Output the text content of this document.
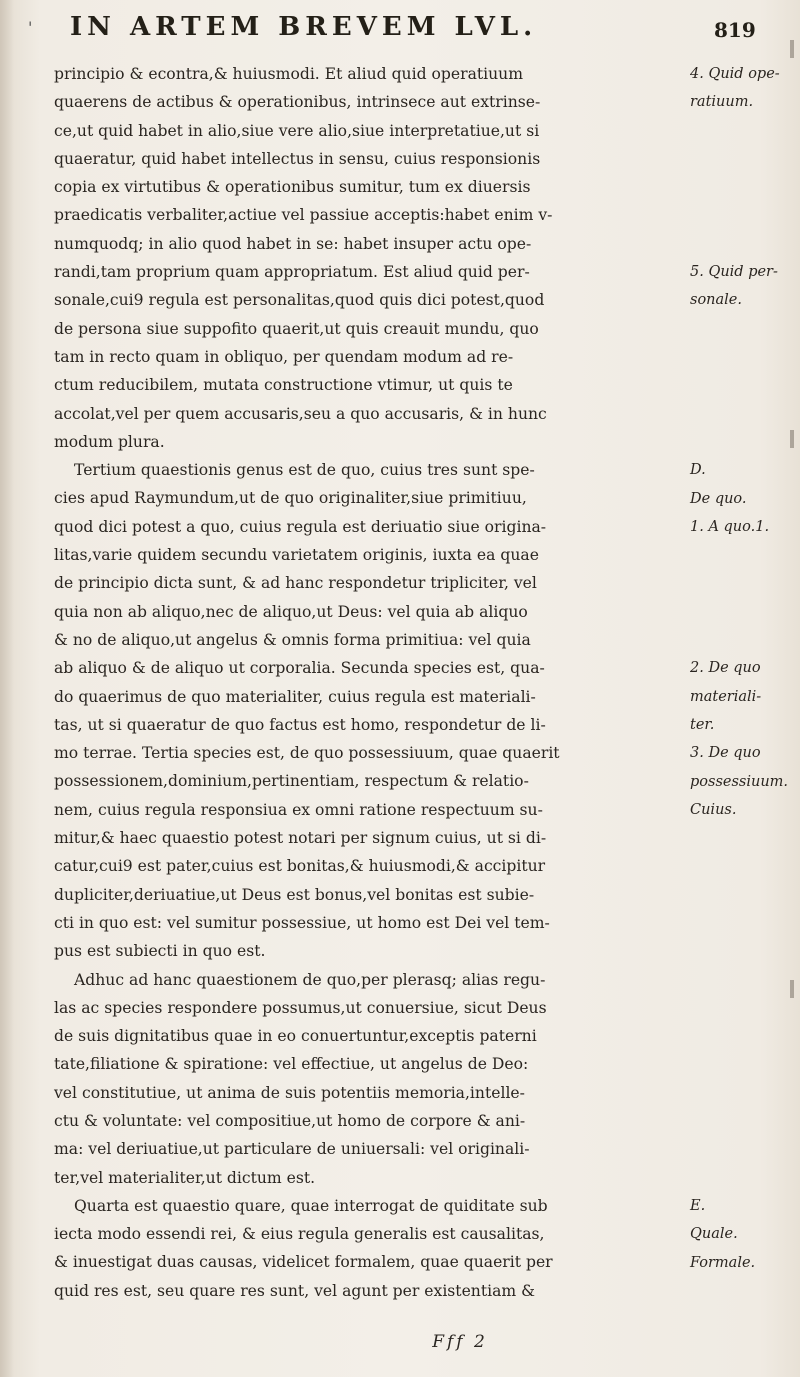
' IN ARTEM BREVEM LVL.	819
principio & econtra,& huiusmodi. Et aliud quid operatiuum
quaerens de actibus & operationibus, intrinsece aut extrinse-
ce,ut quid habet in alio,siue vere alio,siue interpretatiue,ut si
quaeratur, quid habet intellectus in sensu, cuius responsionis
copia ex virtutibus & operationibus sumitur, tum ex diuersis
praedicatis verbaliter,actiue vel passiue acceptis:habet enim v-
numquodq; in alio quod habet in se: habet insuper actu ope-
randi,tam proprium quam appropriatum. Est aliud quid per-
sonale,cui9 regula est personalitas,quod quis dici potest,quod
de persona siue suppofito quaerit,ut quis creauit mundu, quo
tam in recto quam in obliquo, per quendam modum ad re-
ctum reducibilem, mutata constructione vtimur, ut quis te
accolat,vel per quem accusaris,seu a quo accusaris, & in hunc
modum plura.
Tertium quaestionis genus est de quo, cuius tres sunt spe-
cies apud Raymundum,ut de quo originaliter,siue primitiuu,
quod dici potest a quo, cuius regula est deriuatio siue origina-
litas,varie quidem secundu varietatem originis, iuxta ea quae
de principio dicta sunt, & ad hanc respondetur tripliciter, vel
quia non ab aliquo,nec de aliquo,ut Deus: vel quia ab aliquo
& no de aliquo,ut angelus & omnis forma primitiua: vel quia
ab aliquo & de aliquo ut corporalia. Secunda species est, qua-
do quaerimus de quo materialiter, cuius regula est materiali-
tas, ut si quaeratur de quo factus est homo, respondetur de li-
mo terrae. Tertia species est, de quo possessiuum, quae quaerit
possessionem,dominium,pertinentiam, respectum & relatio-
nem, cuius regula responsiua ex omni ratione respectuum su-
mitur,& haec quaestio potest notari per signum cuius, ut si di-
catur,cui9 est pater,cuius est bonitas,& huiusmodi,& accipitur
dupliciter,deriuatiue,ut Deus est bonus,vel bonitas est subie-
cti in quo est: vel sumitur possessiue, ut homo est Dei vel tem-
pus est subiecti in quo est.
Adhuc ad hanc quaestionem de quo,per plerasq; alias regu-
las ac species respondere possumus,ut conuersiue, sicut Deus
de suis dignitatibus quae in eo conuertuntur,exceptis paterni
tate,filiatione & spiratione: vel effectiue, ut angelus de Deo:
vel constitutiue, ut anima de suis potentiis memoria,intelle-
ctu & voluntate: vel compositiue,ut homo de corpore & ani-
ma: vel deriuatiue,ut particulare de uniuersali: vel originali-
ter,vel materialiter,ut dictum est.
Quarta est quaestio quare, quae interrogat de quiditate sub
iecta modo essendi rei, & eius regula generalis est causalitas,
& inuestigat duas causas, videlicet formalem, quae quaerit per
quid res est, seu quare res sunt, vel agunt per existentiam &
4. Quid ope-
ratiuum.
5. Quid per-
sonale.
D.
De quo.
1. A quo.1.
2. De quo
materiali-
ter.
3. De quo
possessiuum.
Cuius.
E.
Quale.
Formale.
Fff 2
